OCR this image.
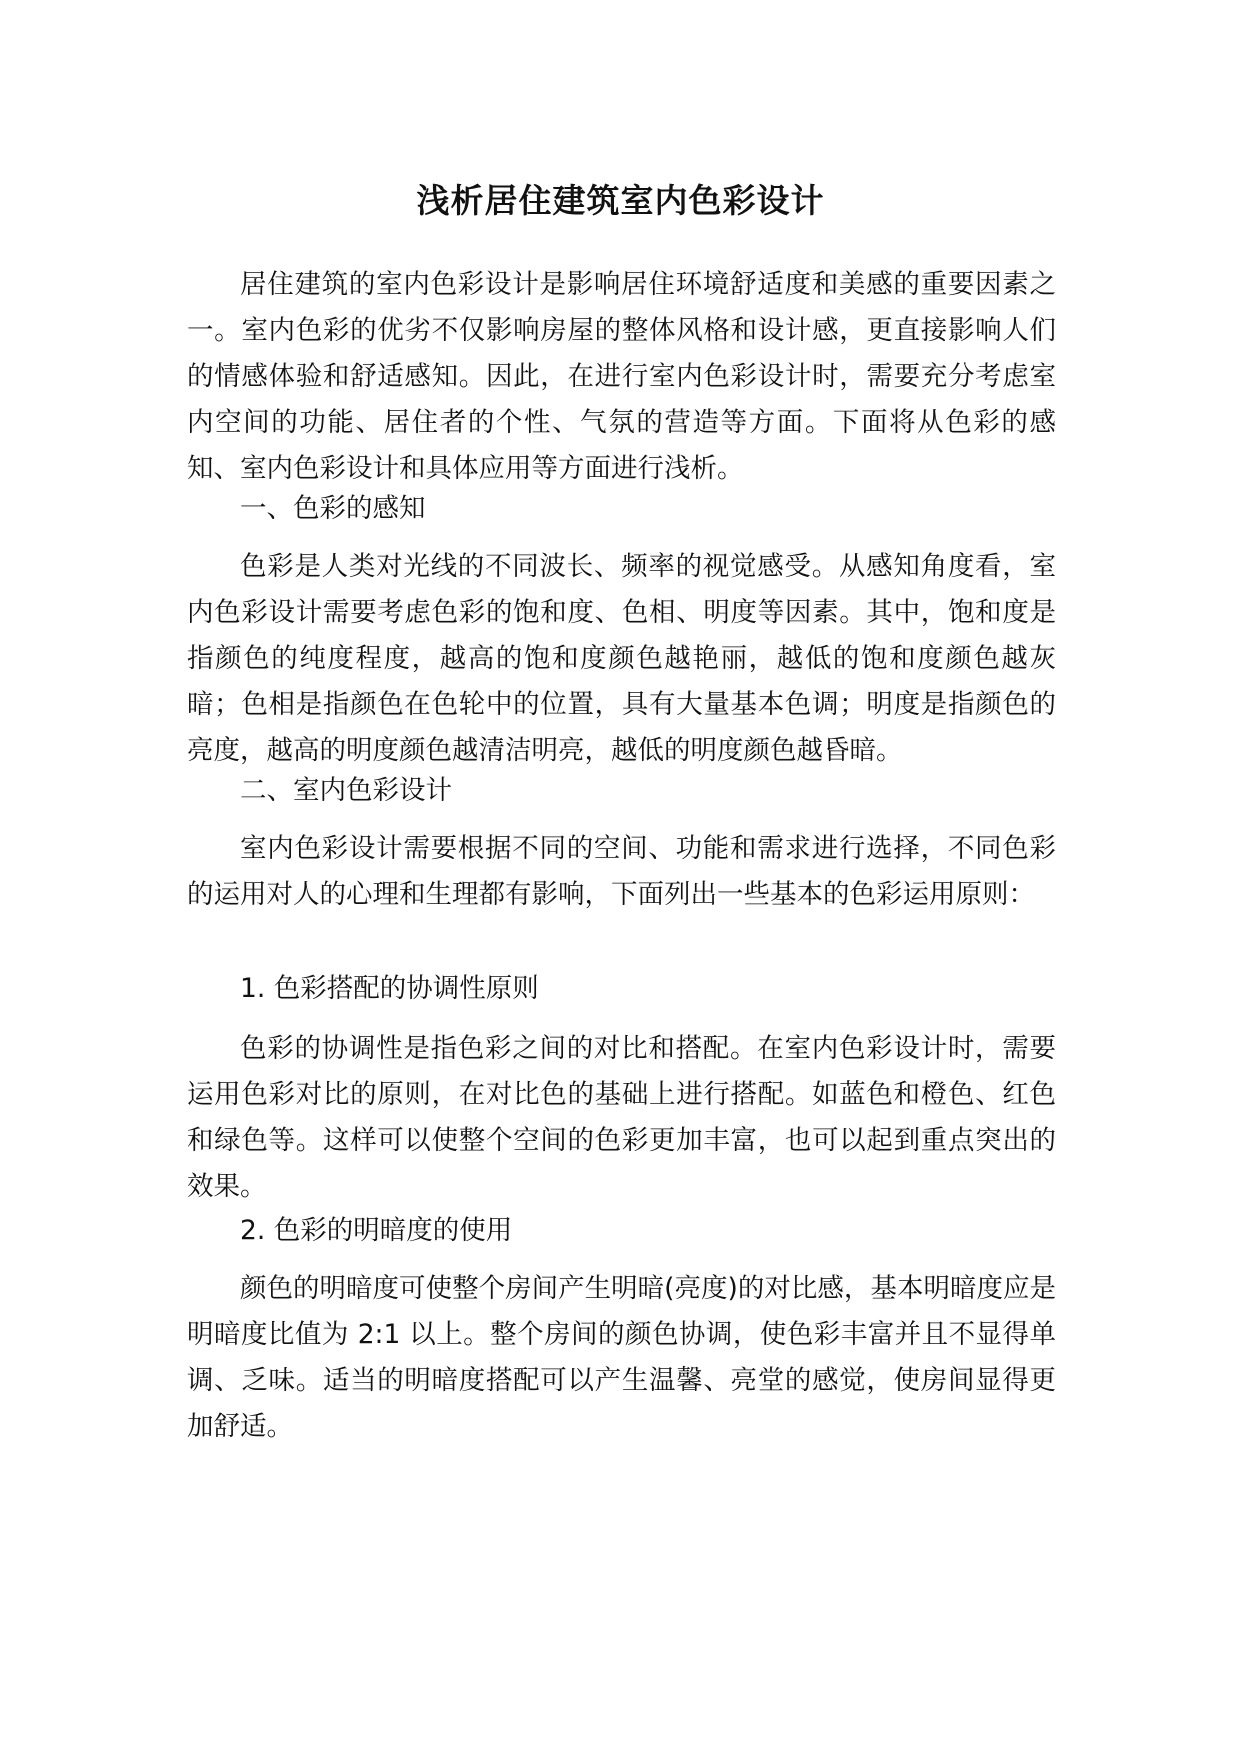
浅析居住建筑室内色彩设计

居住建筑的室内色彩设计是影响居住环境舒适度和美感的重要因素之一。室内色彩的优劣不仅影响房屋的整体风格和设计感，更直接影响人们的情感体验和舒适感知。因此，在进行室内色彩设计时，需要充分考虑室内空间的功能、居住者的个性、气氛的营造等方面。下面将从色彩的感知、室内色彩设计和具体应用等方面进行浅析。

一、色彩的感知

色彩是人类对光线的不同波长、频率的视觉感受。从感知角度看，室内色彩设计需要考虑色彩的饱和度、色相、明度等因素。其中，饱和度是指颜色的纯度程度，越高的饱和度颜色越艳丽，越低的饱和度颜色越灰暗；色相是指颜色在色轮中的位置，具有大量基本色调；明度是指颜色的亮度，越高的明度颜色越清洁明亮，越低的明度颜色越昏暗。

二、室内色彩设计

室内色彩设计需要根据不同的空间、功能和需求进行选择，不同色彩的运用对人的心理和生理都有影响，下面列出一些基本的色彩运用原则：

1. 色彩搭配的协调性原则

色彩的协调性是指色彩之间的对比和搭配。在室内色彩设计时，需要运用色彩对比的原则，在对比色的基础上进行搭配。如蓝色和橙色、红色和绿色等。这样可以使整个空间的色彩更加丰富，也可以起到重点突出的效果。

2. 色彩的明暗度的使用

颜色的明暗度可使整个房间产生明暗(亮度)的对比感，基本明暗度应是明暗度比值为 2:1 以上。整个房间的颜色协调，使色彩丰富并且不显得单调、乏味。适当的明暗度搭配可以产生温馨、亮堂的感觉，使房间显得更加舒适。
